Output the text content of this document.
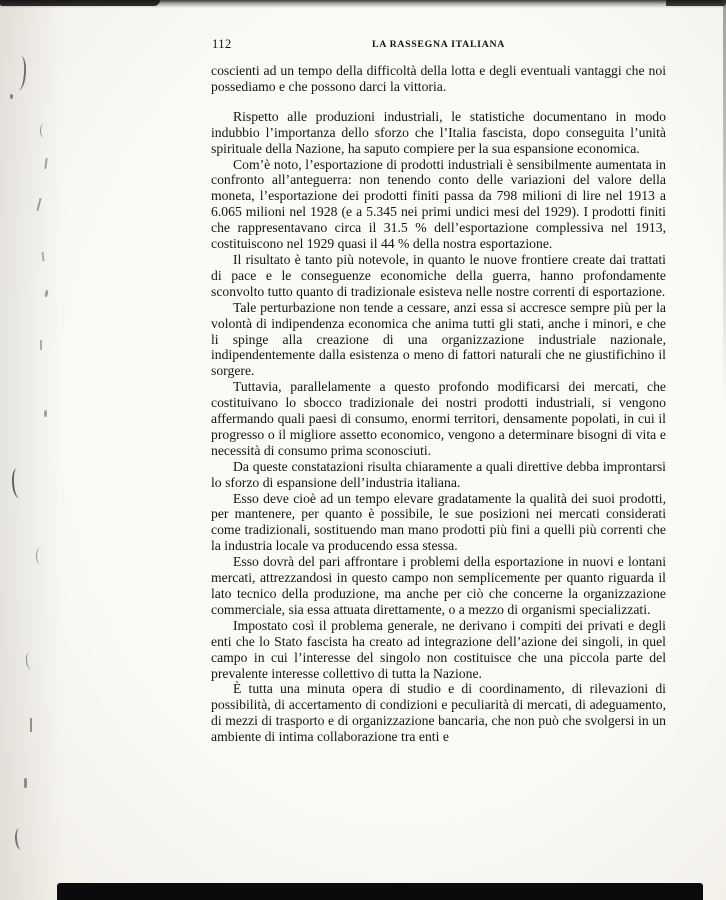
112	LA RASSEGNA ITALIANA

coscienti ad un tempo della difficoltà della lotta e degli eventuali vantaggi che noi possediamo e che possono darci la vittoria.

Rispetto alle produzioni industriali, le statistiche documentano in modo indubbio l’importanza dello sforzo che l’Italia fascista, dopo conseguita l’unità spirituale della Nazione, ha saputo compiere per la sua espansione economica.

Com’è noto, l’esportazione di prodotti industriali è sensibilmente aumentata in confronto all’anteguerra: non tenendo conto delle variazioni del valore della moneta, l’esportazione dei prodotti finiti passa da 798 milioni di lire nel 1913 a 6.065 milioni nel 1928 (e a 5.345 nei primi undici mesi del 1929). I prodotti finiti che rappresentavano circa il 31.5 % dell’esportazione complessiva nel 1913, costituiscono nel 1929 quasi il 44 % della nostra esportazione.

Il risultato è tanto più notevole, in quanto le nuove frontiere create dai trattati di pace e le conseguenze economiche della guerra, hanno profondamente sconvolto tutto quanto di tradizionale esisteva nelle nostre correnti di esportazione.

Tale perturbazione non tende a cessare, anzi essa si accresce sempre più per la volontà di indipendenza economica che anima tutti gli stati, anche i minori, e che li spinge alla creazione di una organizzazione industriale nazionale, indipendentemente dalla esistenza o meno di fattori naturali che ne giustifichino il sorgere.

Tuttavia, parallelamente a questo profondo modificarsi dei mercati, che costituivano lo sbocco tradizionale dei nostri prodotti industriali, si vengono affermando quali paesi di consumo, enormi territori, densamente popolati, in cui il progresso o il migliore assetto economico, vengono a determinare bisogni di vita e necessità di consumo prima sconosciuti.

Da queste constatazioni risulta chiaramente a quali direttive debba improntarsi lo sforzo di espansione dell’industria italiana.

Esso deve cioè ad un tempo elevare gradatamente la qualità dei suoi prodotti, per mantenere, per quanto è possibile, le sue posizioni nei mercati considerati come tradizionali, sostituendo man mano prodotti più fini a quelli più correnti che la industria locale va producendo essa stessa.

Esso dovrà del pari affrontare i problemi della esportazione in nuovi e lontani mercati, attrezzandosi in questo campo non semplicemente per quanto riguarda il lato tecnico della produzione, ma anche per ciò che concerne la organizzazione commerciale, sia essa attuata direttamente, o a mezzo di organismi specializzati.

Impostato così il problema generale, ne derivano i compiti dei privati e degli enti che lo Stato fascista ha creato ad integrazione dell’azione dei singoli, in quel campo in cui l’interesse del singolo non costituisce che una piccola parte del prevalente interesse collettivo di tutta la Nazione.

È tutta una minuta opera di studio e di coordinamento, di rilevazioni di possibilità, di accertamento di condizioni e peculiarità di mercati, di adeguamento, di mezzi di trasporto e di organizzazione bancaria, che non può che svolgersi in un ambiente di intima collaborazione tra enti e
